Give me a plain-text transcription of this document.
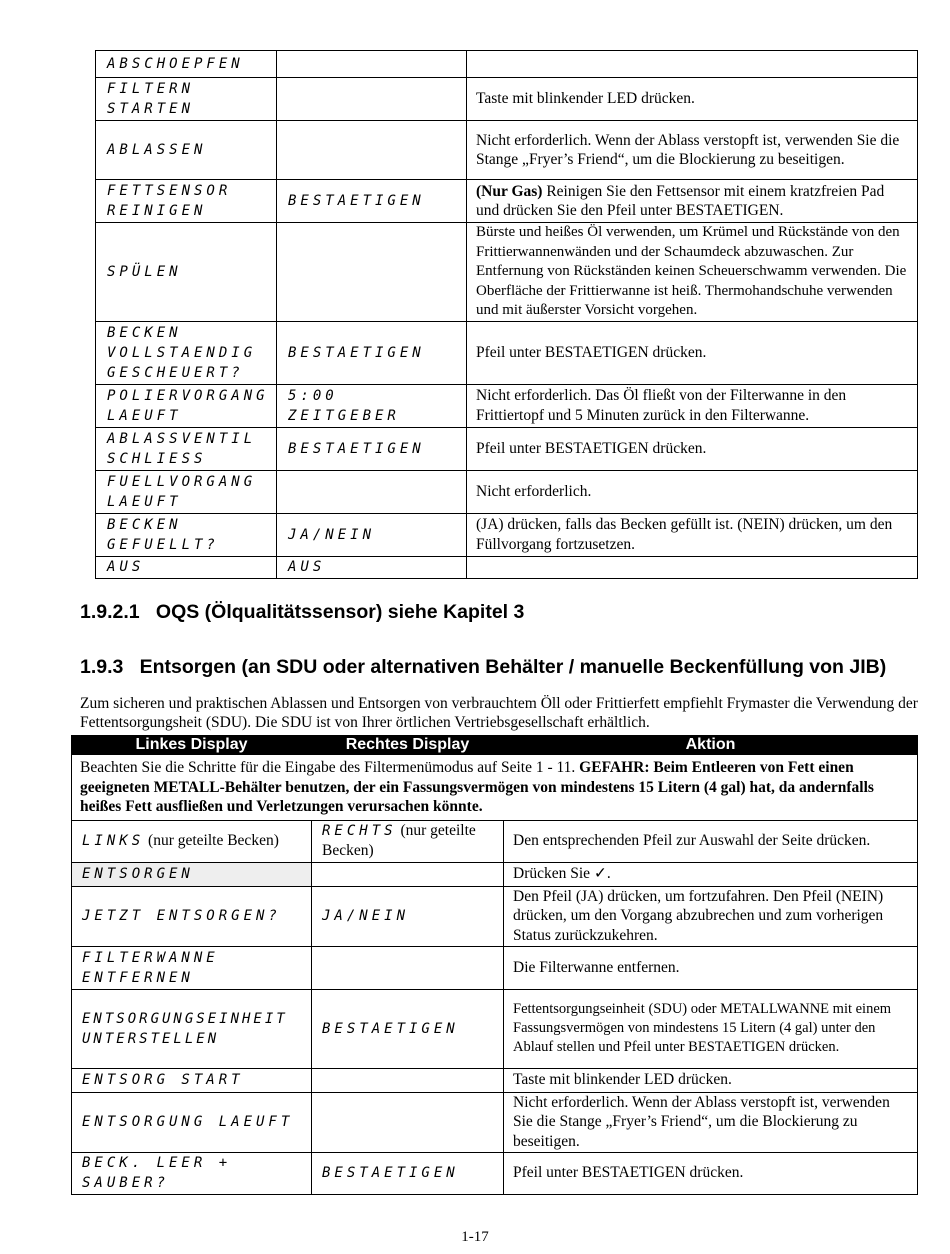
ABSCHOEPFEN		
FILTERN
STARTEN		Taste mit blinkender LED drücken.
ABLASSEN		Nicht erforderlich. Wenn der Ablass verstopft ist, verwenden Sie die Stange „Fryer’s Friend“, um die Blockierung zu beseitigen.
FETTSENSOR
REINIGEN	BESTAETIGEN	(Nur Gas) Reinigen Sie den Fettsensor mit einem kratzfreien Pad und drücken Sie den Pfeil unter BESTAETIGEN.
SPÜLEN		Bürste und heißes Öl verwenden, um Krümel und Rückstände von den Frittierwannenwänden und der Schaumdeck abzuwaschen. Zur Entfernung von Rückständen keinen Scheuerschwamm verwenden. Die Oberfläche der Frittierwanne ist heiß. Thermohandschuhe verwenden und mit äußerster Vorsicht vorgehen.
BECKEN
VOLLSTAENDIG
GESCHEUERT?	BESTAETIGEN	Pfeil unter BESTAETIGEN drücken.
POLIERVORGANG
LAEUFT	5:00 ZEITGEBER	Nicht erforderlich. Das Öl fließt von der Filterwanne in den Frittiertopf und 5 Minuten zurück in den Filterwanne.
ABLASSVENTIL
SCHLIESS	BESTAETIGEN	Pfeil unter BESTAETIGEN drücken.
FUELLVORGANG
LAEUFT		Nicht erforderlich.
BECKEN
GEFUELLT?	JA/NEIN	(JA) drücken, falls das Becken gefüllt ist. (NEIN) drücken, um den Füllvorgang fortzusetzen.
AUS	AUS	
1.9.2.1 OQS (Ölqualitätssensor) siehe Kapitel 3
1.9.3 Entsorgen (an SDU oder alternativen Behälter / manuelle Beckenfüllung von JIB)

Zum sicheren und praktischen Ablassen und Entsorgen von verbrauchtem Öll oder Frittierfett empfiehlt Frymaster die Verwendung der Fettentsorgungsheit (SDU). Die SDU ist von Ihrer örtlichen Vertriebsgesellschaft erhältlich.

Linkes Display	Rechtes Display	Aktion
Beachten Sie die Schritte für die Eingabe des Filtermenümodus auf Seite 1 - 11. GEFAHR: Beim Entleeren von Fett einen geeigneten METALL-Behälter benutzen, der ein Fassungsvermögen von mindestens 15 Litern (4 gal) hat, da andernfalls heißes Fett ausfließen und Verletzungen verursachen könnte.		
LINKS (nur geteilte Becken)	RECHTS (nur geteilte Becken)	Den entsprechenden Pfeil zur Auswahl der Seite drücken.
ENTSORGEN		Drücken Sie ✓.
JETZT ENTSORGEN?	JA/NEIN	Den Pfeil (JA) drücken, um fortzufahren. Den Pfeil (NEIN) drücken, um den Vorgang abzubrechen und zum vorherigen Status zurückzukehren.
FILTERWANNE
ENTFERNEN		Die Filterwanne entfernen.
ENTSORGUNGSEINHEIT
UNTERSTELLEN	BESTAETIGEN	Fettentsorgungseinheit (SDU) oder METALLWANNE mit einem Fassungsvermögen von mindestens 15 Litern (4 gal) unter den Ablauf stellen und Pfeil unter BESTAETIGEN drücken.
ENTSORG START		Taste mit blinkender LED drücken.
ENTSORGUNG LAEUFT		Nicht erforderlich. Wenn der Ablass verstopft ist, verwenden Sie die Stange „Fryer’s Friend“, um die Blockierung zu beseitigen.
BECK. LEER +
SAUBER?	BESTAETIGEN	Pfeil unter BESTAETIGEN drücken.

1-17
